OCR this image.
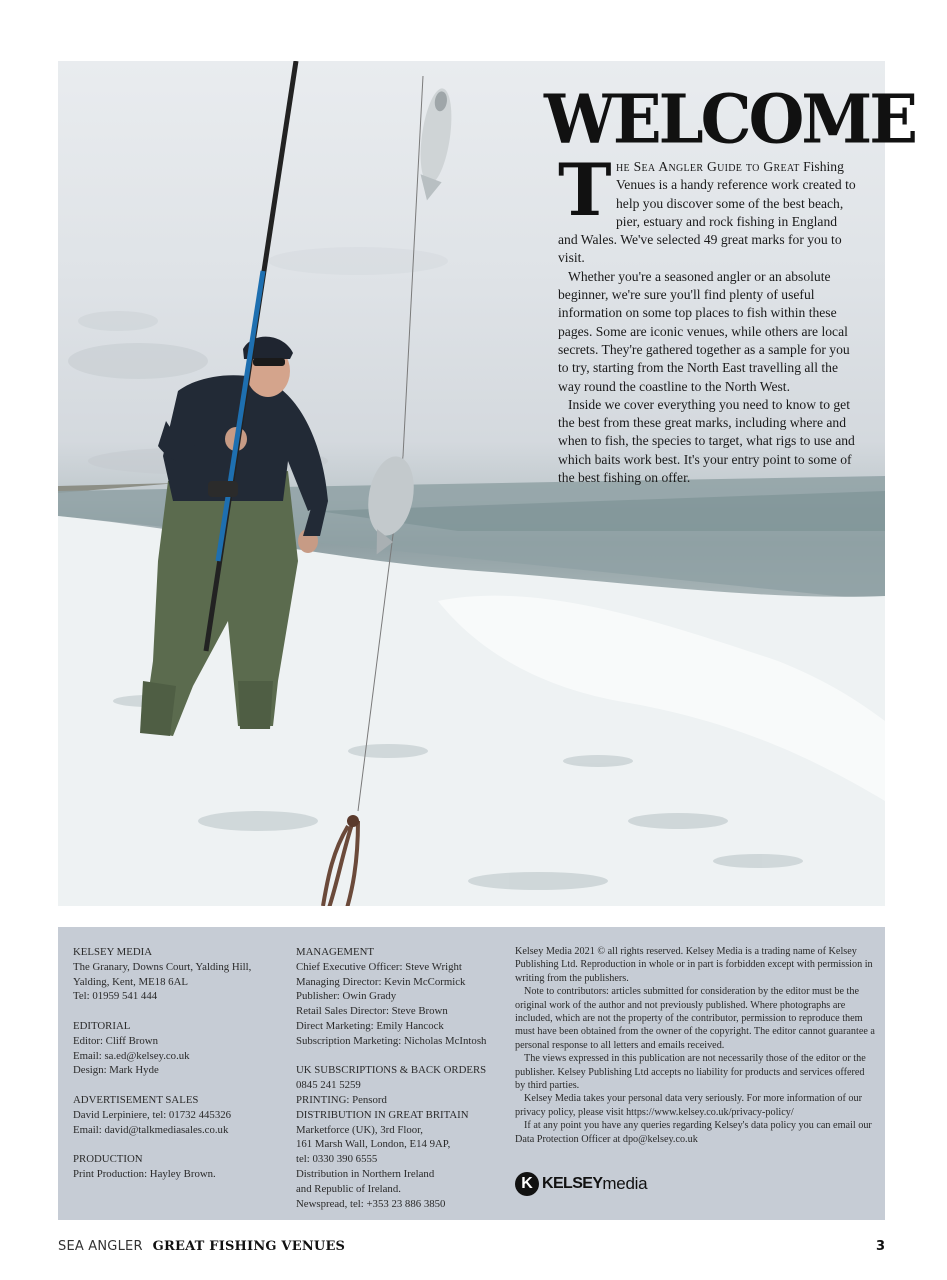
WELCOME

The Sea Angler Guide to Great Fishing Venues is a handy reference work created to help you discover some of the best beach, pier, estuary and rock fishing in England and Wales. We've selected 49 great marks for you to visit.

Whether you're a seasoned angler or an absolute beginner, we're sure you'll find plenty of useful information on some top places to fish within these pages. Some are iconic venues, while others are local secrets. They're gathered together as a sample for you to try, starting from the North East travelling all the way round the coastline to the North West.

Inside we cover everything you need to know to get the best from these great marks, including where and when to fish, the species to target, what rigs to use and which baits work best. It's your entry point to some of the best fishing on offer.

KELSEY MEDIA
The Granary, Downs Court, Yalding Hill,
Yalding, Kent, ME18 6AL
Tel: 01959 541 444
EDITORIAL
Editor: Cliff Brown
Email: sa.ed@kelsey.co.uk
Design: Mark Hyde
ADVERTISEMENT SALES
David Lerpiniere, tel: 01732 445326
Email: david@talkmediasales.co.uk
PRODUCTION
Print Production: Hayley Brown.
MANAGEMENT
Chief Executive Officer: Steve Wright
Managing Director: Kevin McCormick
Publisher: Owin Grady
Retail Sales Director: Steve Brown
Direct Marketing: Emily Hancock
Subscription Marketing: Nicholas McIntosh
UK SUBSCRIPTIONS & BACK ORDERS
0845 241 5259
PRINTING: Pensord
DISTRIBUTION IN GREAT BRITAIN
Marketforce (UK), 3rd Floor,
161 Marsh Wall, London, E14 9AP,
tel: 0330 390 6555
Distribution in Northern Ireland
and Republic of Ireland.
Newspread, tel: +353 23 886 3850

Kelsey Media 2021 © all rights reserved. Kelsey Media is a trading name of Kelsey Publishing Ltd. Reproduction in whole or in part is forbidden except with permission in writing from the publishers.

Note to contributors: articles submitted for consideration by the editor must be the original work of the author and not previously published. Where photographs are included, which are not the property of the contributor, permission to reproduce them must have been obtained from the owner of the copyright. The editor cannot guarantee a personal response to all letters and emails received.

The views expressed in this publication are not necessarily those of the editor or the publisher. Kelsey Publishing Ltd accepts no liability for products and services offered by third parties.

Kelsey Media takes your personal data very seriously. For more information of our privacy policy, please visit https://www.kelsey.co.uk/privacy-policy/

If at any point you have any queries regarding Kelsey's data policy you can email our Data Protection Officer at dpo@kelsey.co.uk

K KELSEY media
SEA ANGLER GREAT FISHING VENUES	3
